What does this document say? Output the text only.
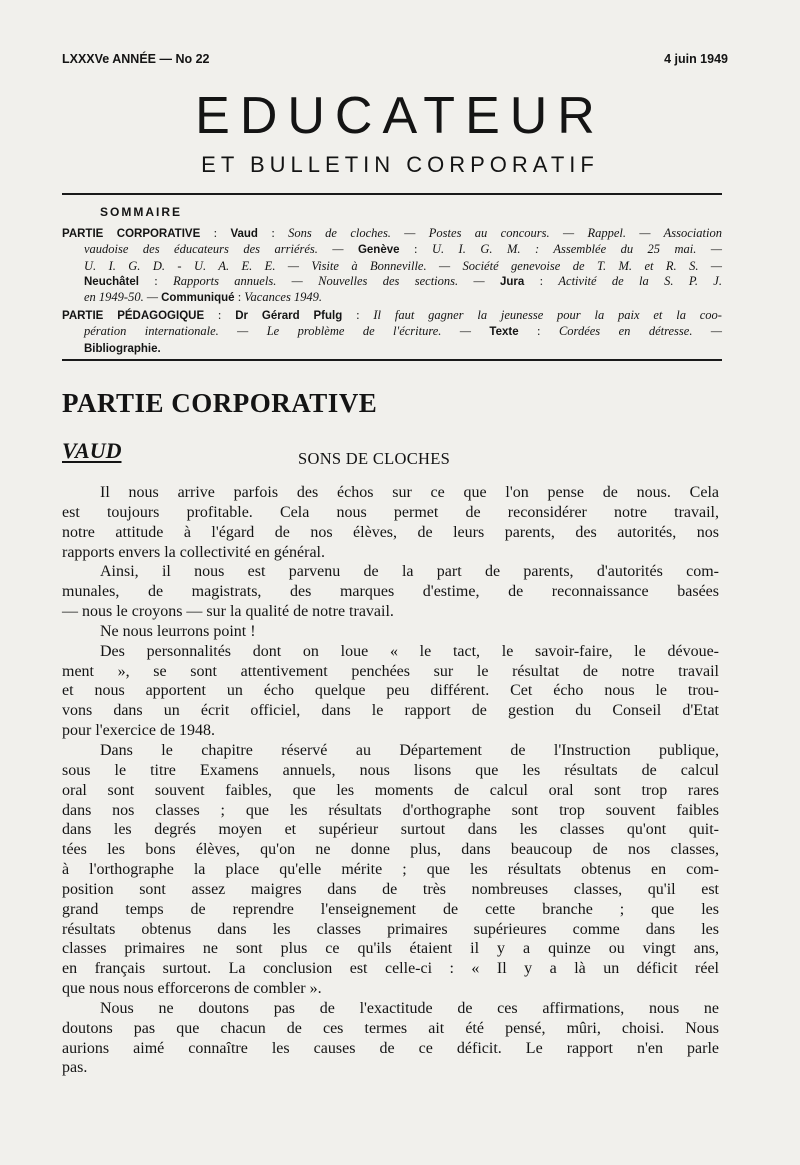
LXXXVe ANNÉE — No 22	4 juin 1949
EDUCATEUR
ET BULLETIN CORPORATIF
SOMMAIRE
PARTIE CORPORATIVE : Vaud : Sons de cloches. — Postes au concours. — Rappel. — Association
vaudoise des éducateurs des arriérés. — Genève : U. I. G. M. : Assemblée du 25 mai. —
U. I. G. D. - U. A. E. E. — Visite à Bonneville. — Société genevoise de T. M. et R. S. —
Neuchâtel : Rapports annuels. — Nouvelles des sections. — Jura : Activité de la S. P. J.
en 1949-50. — Communiqué : Vacances 1949.
PARTIE PÉDAGOGIQUE : Dr Gérard Pfulg : Il faut gagner la jeunesse pour la paix et la coo-
pération internationale. — Le problème de l'écriture. — Texte : Cordées en détresse. —
Bibliographie.
PARTIE CORPORATIVE
VAUD	SONS DE CLOCHES
Il nous arrive parfois des échos sur ce que l'on pense de nous. Cela
est toujours profitable. Cela nous permet de reconsidérer notre travail,
notre attitude à l'égard de nos élèves, de leurs parents, des autorités, nos
rapports envers la collectivité en général.
Ainsi, il nous est parvenu de la part de parents, d'autorités com-
munales, de magistrats, des marques d'estime, de reconnaissance basées
— nous le croyons — sur la qualité de notre travail.
Ne nous leurrons point !
Des personnalités dont on loue « le tact, le savoir-faire, le dévoue-
ment », se sont attentivement penchées sur le résultat de notre travail
et nous apportent un écho quelque peu différent. Cet écho nous le trou-
vons dans un écrit officiel, dans le rapport de gestion du Conseil d'Etat
pour l'exercice de 1948.
Dans le chapitre réservé au Département de l'Instruction publique,
sous le titre Examens annuels, nous lisons que les résultats de calcul
oral sont souvent faibles, que les moments de calcul oral sont trop rares
dans nos classes ; que les résultats d'orthographe sont trop souvent faibles
dans les degrés moyen et supérieur surtout dans les classes qu'ont quit-
tées les bons élèves, qu'on ne donne plus, dans beaucoup de nos classes,
à l'orthographe la place qu'elle mérite ; que les résultats obtenus en com-
position sont assez maigres dans de très nombreuses classes, qu'il est
grand temps de reprendre l'enseignement de cette branche ; que les
résultats obtenus dans les classes primaires supérieures comme dans les
classes primaires ne sont plus ce qu'ils étaient il y a quinze ou vingt ans,
en français surtout. La conclusion est celle-ci : « Il y a là un déficit réel
que nous nous efforcerons de combler ».
Nous ne doutons pas de l'exactitude de ces affirmations, nous ne
doutons pas que chacun de ces termes ait été pensé, mûri, choisi. Nous
aurions aimé connaître les causes de ce déficit. Le rapport n'en parle
pas.
